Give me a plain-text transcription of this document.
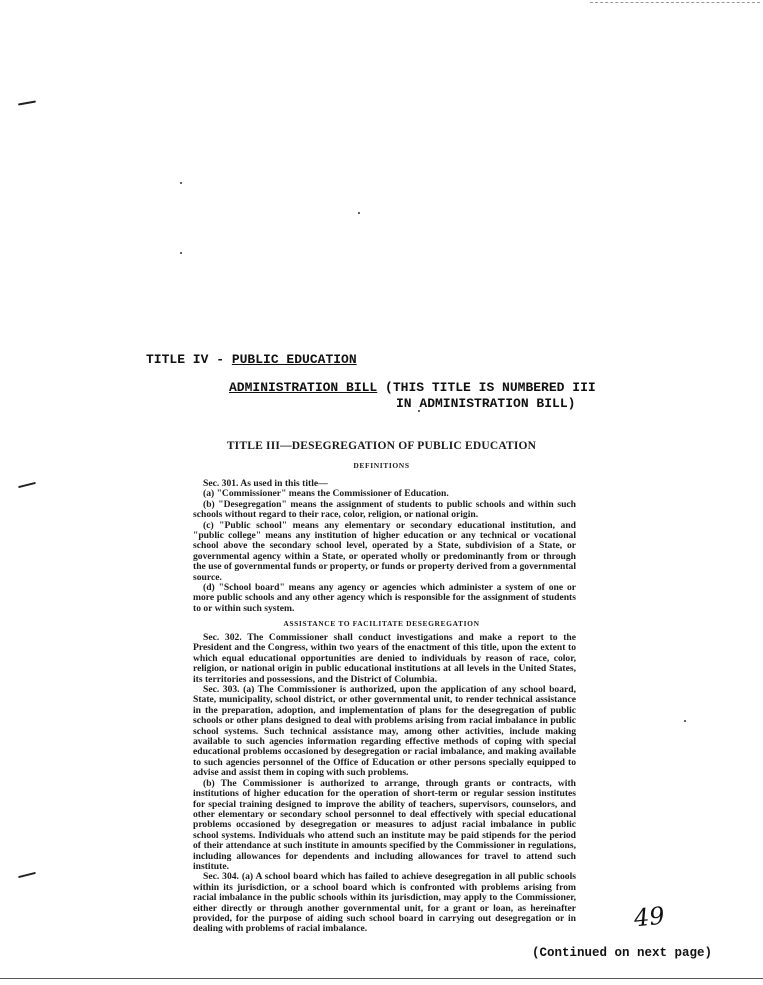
TITLE IV - PUBLIC EDUCATION
ADMINISTRATION BILL (THIS TITLE IS NUMBERED III
IN ADMINISTRATION BILL)
TITLE III—DESEGREGATION OF PUBLIC EDUCATION
DEFINITIONS

Sec. 301. As used in this title—

(a) "Commissioner" means the Commissioner of Education.

(b) "Desegregation" means the assignment of students to public schools and within such schools without regard to their race, color, religion, or national origin.

(c) "Public school" means any elementary or secondary educational institution, and "public college" means any institution of higher education or any technical or vocational school above the secondary school level, operated by a State, subdivision of a State, or governmental agency within a State, or operated wholly or predominantly from or through the use of governmental funds or property, or funds or property derived from a governmental source.

(d) "School board" means any agency or agencies which administer a system of one or more public schools and any other agency which is responsible for the assignment of students to or within such system.

ASSISTANCE TO FACILITATE DESEGREGATION

Sec. 302. The Commissioner shall conduct investigations and make a report to the President and the Congress, within two years of the enactment of this title, upon the extent to which equal educational opportunities are denied to individuals by reason of race, color, religion, or national origin in public educational institutions at all levels in the United States, its territories and possessions, and the District of Columbia.

Sec. 303. (a) The Commissioner is authorized, upon the application of any school board, State, municipality, school district, or other governmental unit, to render technical assistance in the preparation, adoption, and implementation of plans for the desegregation of public schools or other plans designed to deal with problems arising from racial imbalance in public school systems. Such technical assistance may, among other activities, include making available to such agencies information regarding effective methods of coping with special educational problems occasioned by desegregation or racial imbalance, and making available to such agencies personnel of the Office of Education or other persons specially equipped to advise and assist them in coping with such problems.

(b) The Commissioner is authorized to arrange, through grants or contracts, with institutions of higher education for the operation of short-term or regular session institutes for special training designed to improve the ability of teachers, supervisors, counselors, and other elementary or secondary school personnel to deal effectively with special educational problems occasioned by desegregation or measures to adjust racial imbalance in public school systems. Individuals who attend such an institute may be paid stipends for the period of their attendance at such institute in amounts specified by the Commissioner in regulations, including allowances for dependents and including allowances for travel to attend such institute.

Sec. 304. (a) A school board which has failed to achieve desegregation in all public schools within its jurisdiction, or a school board which is confronted with problems arising from racial imbalance in the public schools within its jurisdiction, may apply to the Commissioner, either directly or through another governmental unit, for a grant or loan, as hereinafter provided, for the purpose of aiding such school board in carrying out desegregation or in dealing with problems of racial imbalance.	49
(Continued on next page)
